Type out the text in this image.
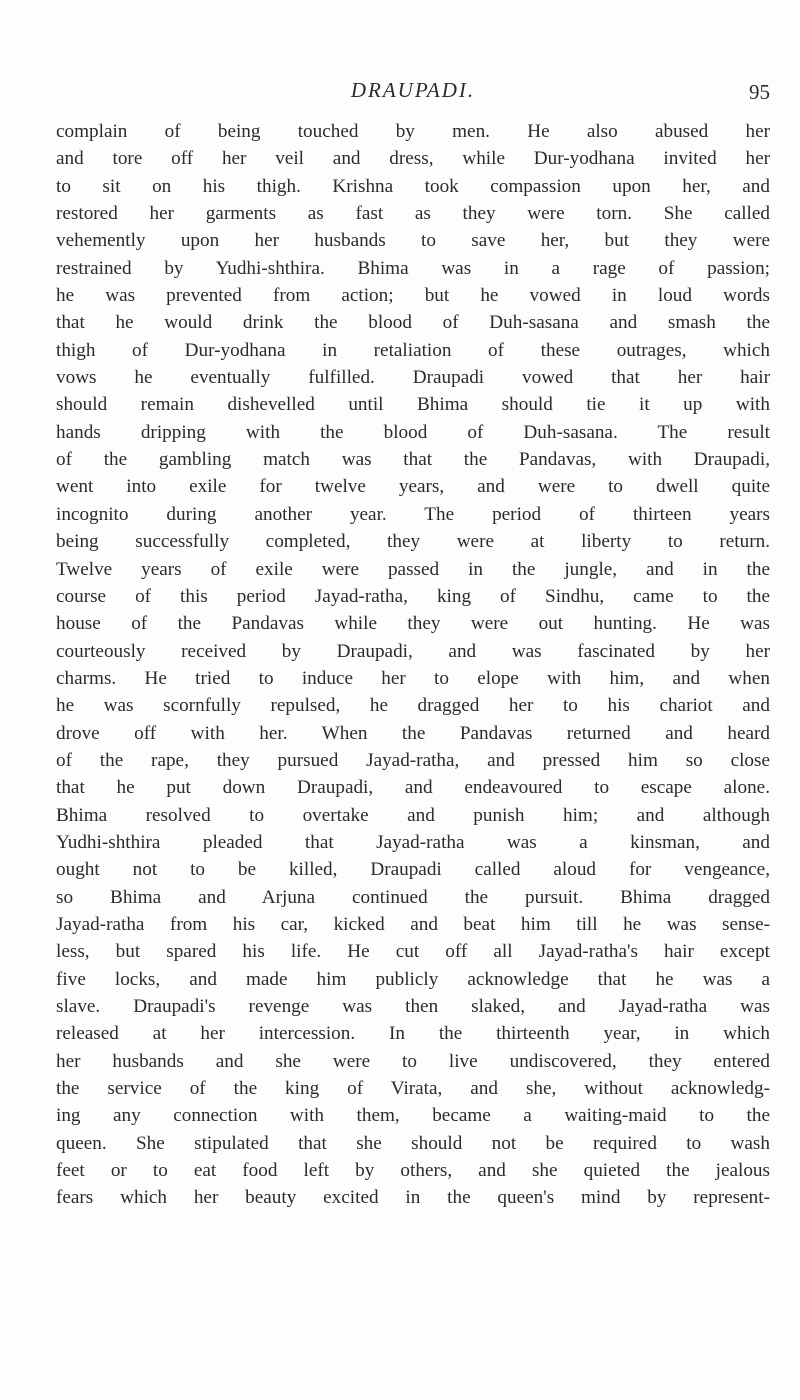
DRAUPADI.	95
complain of being touched by men. He also abused her
and tore off her veil and dress, while Dur-yodhana invited her
to sit on his thigh. Krishna took compassion upon her, and
restored her garments as fast as they were torn. She called
vehemently upon her husbands to save her, but they were
restrained by Yudhi-shthira. Bhima was in a rage of passion;
he was prevented from action; but he vowed in loud words
that he would drink the blood of Duh-sasana and smash the
thigh of Dur-yodhana in retaliation of these outrages, which
vows he eventually fulfilled. Draupadi vowed that her hair
should remain dishevelled until Bhima should tie it up with
hands dripping with the blood of Duh-sasana. The result
of the gambling match was that the Pandavas, with Draupadi,
went into exile for twelve years, and were to dwell quite
incognito during another year. The period of thirteen years
being successfully completed, they were at liberty to return.
Twelve years of exile were passed in the jungle, and in the
course of this period Jayad-ratha, king of Sindhu, came to the
house of the Pandavas while they were out hunting. He was
courteously received by Draupadi, and was fascinated by her
charms. He tried to induce her to elope with him, and when
he was scornfully repulsed, he dragged her to his chariot and
drove off with her. When the Pandavas returned and heard
of the rape, they pursued Jayad-ratha, and pressed him so close
that he put down Draupadi, and endeavoured to escape alone.
Bhima resolved to overtake and punish him; and although
Yudhi-shthira pleaded that Jayad-ratha was a kinsman, and
ought not to be killed, Draupadi called aloud for vengeance,
so Bhima and Arjuna continued the pursuit. Bhima dragged
Jayad-ratha from his car, kicked and beat him till he was sense-
less, but spared his life. He cut off all Jayad-ratha's hair except
five locks, and made him publicly acknowledge that he was a
slave. Draupadi's revenge was then slaked, and Jayad-ratha was
released at her intercession. In the thirteenth year, in which
her husbands and she were to live undiscovered, they entered
the service of the king of Virata, and she, without acknowledg-
ing any connection with them, became a waiting-maid to the
queen. She stipulated that she should not be required to wash
feet or to eat food left by others, and she quieted the jealous
fears which her beauty excited in the queen's mind by represent-
